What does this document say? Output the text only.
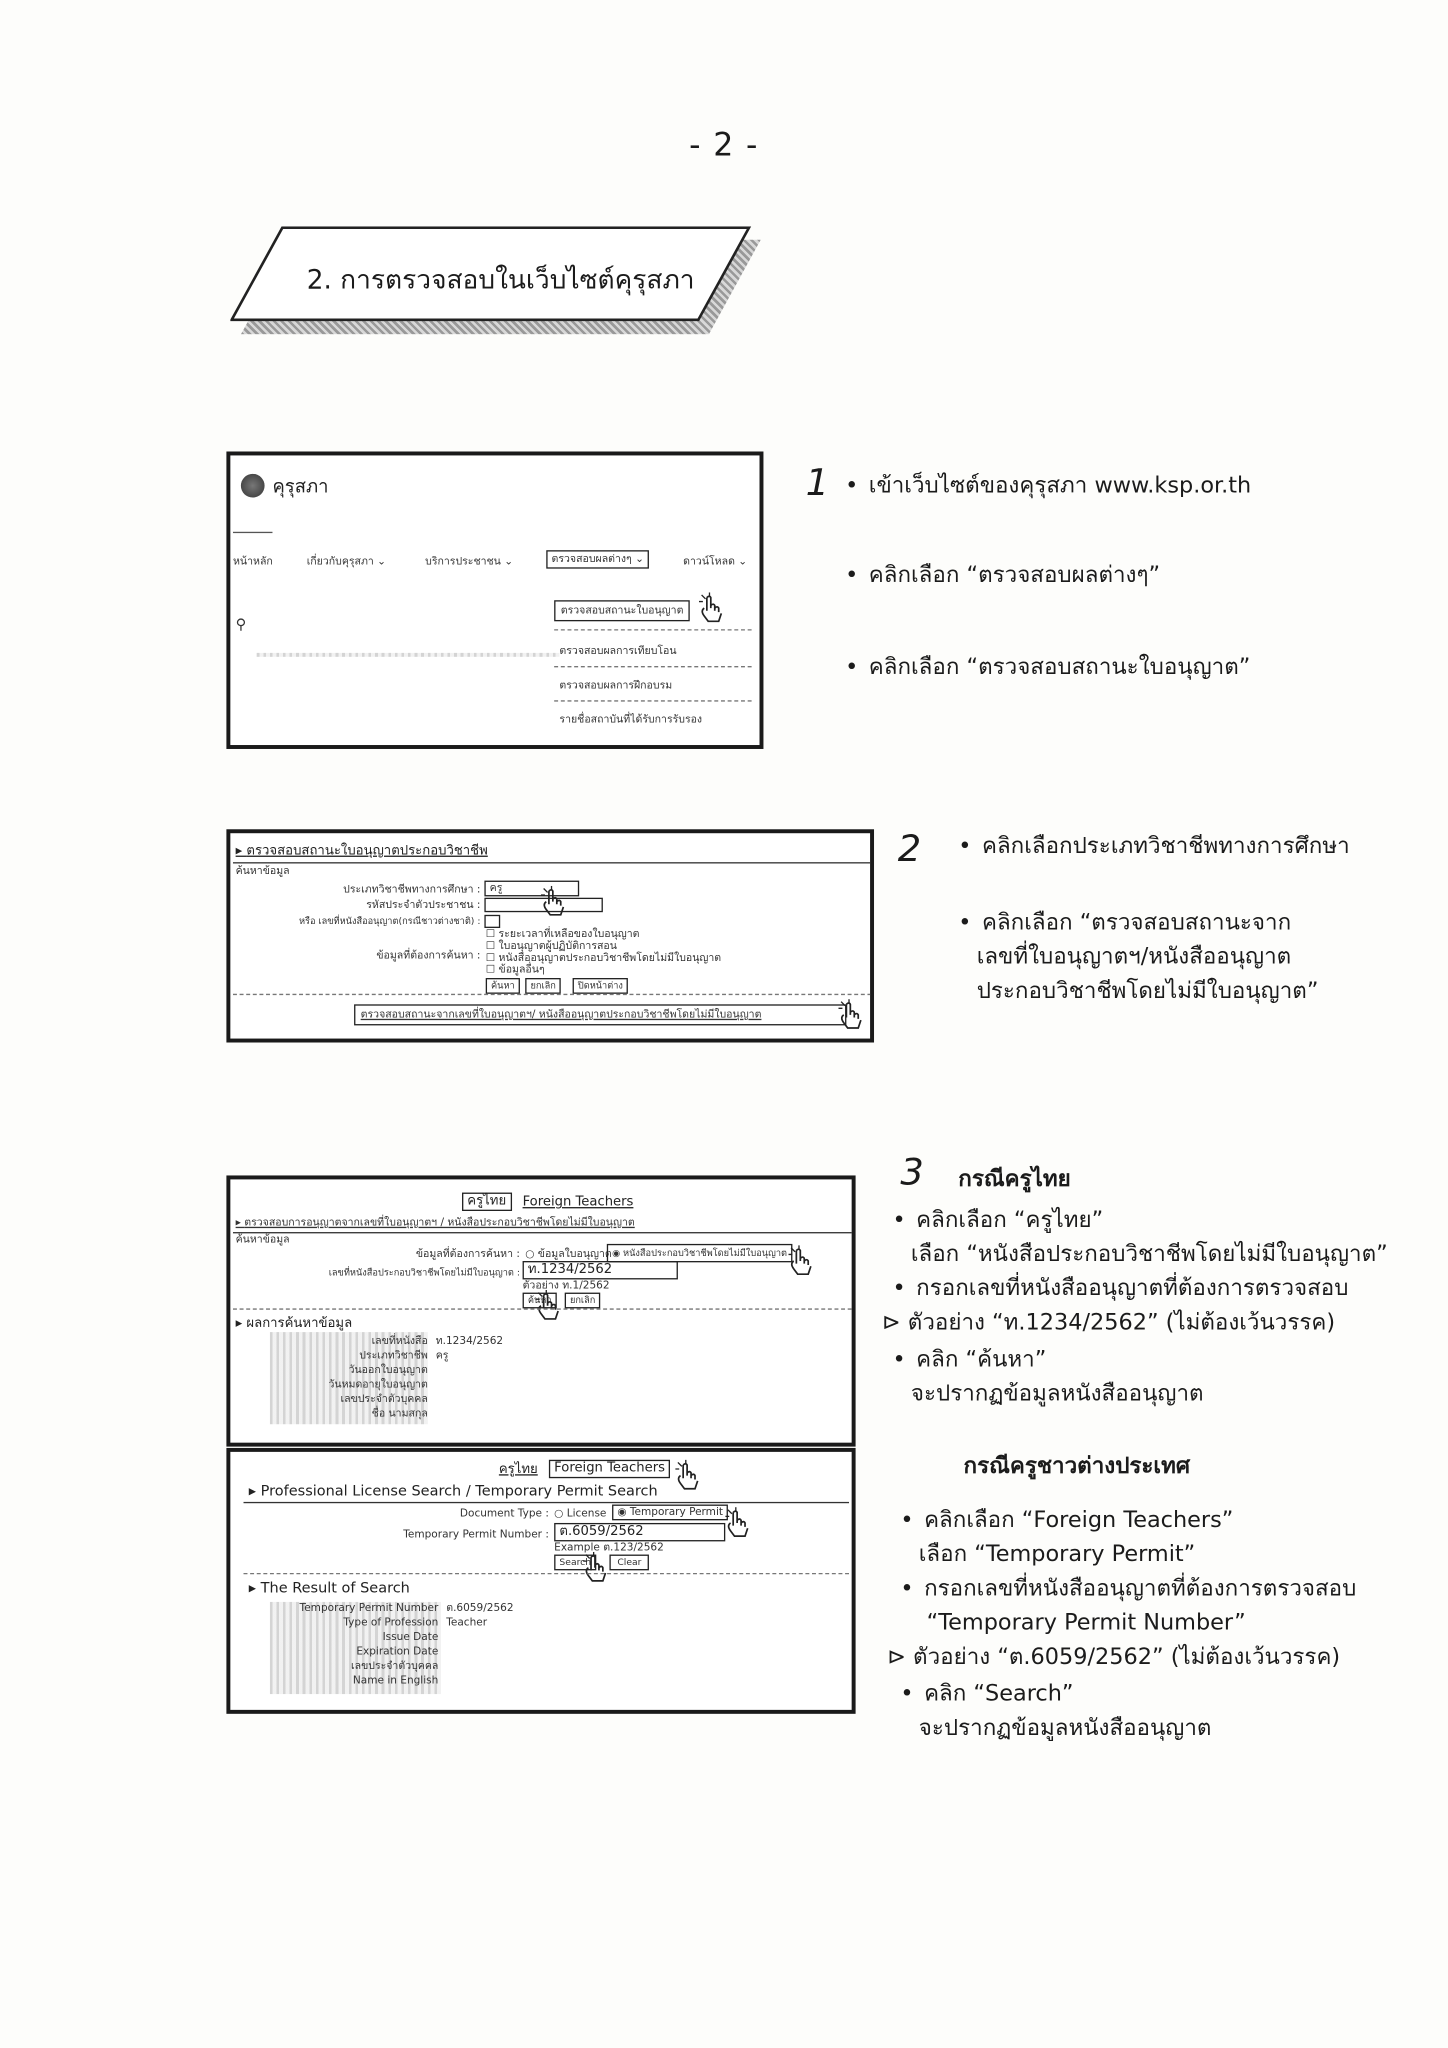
- 2 -
2. การตรวจสอบในเว็บไซต์คุรุสภา
คุรุสภา
หน้าหลัก	เกี่ยวกับคุรุสภา ⌄	บริการประชาชน ⌄	ตรวจสอบผลต่างๆ ⌄	ดาวน์โหลด ⌄
⚲
ตรวจสอบสถานะใบอนุญาต
ตรวจสอบผลการเทียบโอน
ตรวจสอบผลการฝึกอบรม
รายชื่อสถาบันที่ได้รับการรับรอง
1	• เข้าเว็บไซต์ของคุรุสภา www.ksp.or.th
• คลิกเลือก “ตรวจสอบผลต่างๆ”
• คลิกเลือก “ตรวจสอบสถานะใบอนุญาต”
▸ ตรวจสอบสถานะใบอนุญาตประกอบวิชาชีพ
ค้นหาข้อมูล
ประเภทวิชาชีพทางการศึกษา :	ครู
รหัสประจำตัวประชาชน :
หรือ เลขที่หนังสืออนุญาต(กรณีชาวต่างชาติ) :
ข้อมูลที่ต้องการค้นหา :
☐ ระยะเวลาที่เหลือของใบอนุญาต
☐ ใบอนุญาตผู้ปฏิบัติการสอน
☐ หนังสืออนุญาตประกอบวิชาชีพโดยไม่มีใบอนุญาต
☐ ข้อมูลอื่นๆ
ค้นหา	ยกเลิก	ปิดหน้าต่าง
ตรวจสอบสถานะจากเลขที่ใบอนุญาตฯ/ หนังสืออนุญาตประกอบวิชาชีพโดยไม่มีใบอนุญาต
2	• คลิกเลือกประเภทวิชาชีพทางการศึกษา
• คลิกเลือก “ตรวจสอบสถานะจาก
เลขที่ใบอนุญาตฯ/หนังสืออนุญาต
ประกอบวิชาชีพโดยไม่มีใบอนุญาต”
ครูไทย	Foreign Teachers
▸ ตรวจสอบการอนุญาตจากเลขที่ใบอนุญาตฯ / หนังสือประกอบวิชาชีพโดยไม่มีใบอนุญาต
ค้นหาข้อมูล
ข้อมูลที่ต้องการค้นหา : ○ ข้อมูลใบอนุญาต ◉ หนังสือประกอบวิชาชีพโดยไม่มีใบอนุญาต
เลขที่หนังสือประกอบวิชาชีพโดยไม่มีใบอนุญาต : ท.1234/2562
ตัวอย่าง ท.1/2562
ค้นหา	ยกเลิก
▸ ผลการค้นหาข้อมูล
เลขที่หนังสือ ท.1234/2562
ประเภทวิชาชีพ ครู
วันออกใบอนุญาต
วันหมดอายุใบอนุญาต
เลขประจำตัวบุคคล
ชื่อ นามสกุล
ครูไทย	Foreign Teachers
▸ Professional License Search / Temporary Permit Search
Document Type : ○ License	◉ Temporary Permit
Temporary Permit Number :	ต.6059/2562
Example ต.123/2562
Search	Clear
▸ The Result of Search
Temporary Permit Number ต.6059/2562
Type of Profession Teacher
Issue Date
Expiration Date
เลขประจำตัวบุคคล
Name in English
3 กรณีครูไทย
• คลิกเลือก “ครูไทย”
เลือก “หนังสือประกอบวิชาชีพโดยไม่มีใบอนุญาต”
• กรอกเลขที่หนังสืออนุญาตที่ต้องการตรวจสอบ
⊳ ตัวอย่าง “ท.1234/2562” (ไม่ต้องเว้นวรรค)
• คลิก “ค้นหา”
จะปรากฏข้อมูลหนังสืออนุญาต
กรณีครูชาวต่างประเทศ
• คลิกเลือก “Foreign Teachers”
เลือก “Temporary Permit”
• กรอกเลขที่หนังสืออนุญาตที่ต้องการตรวจสอบ
“Temporary Permit Number”
⊳ ตัวอย่าง “ต.6059/2562” (ไม่ต้องเว้นวรรค)
• คลิก “Search”
จะปรากฏข้อมูลหนังสืออนุญาต
